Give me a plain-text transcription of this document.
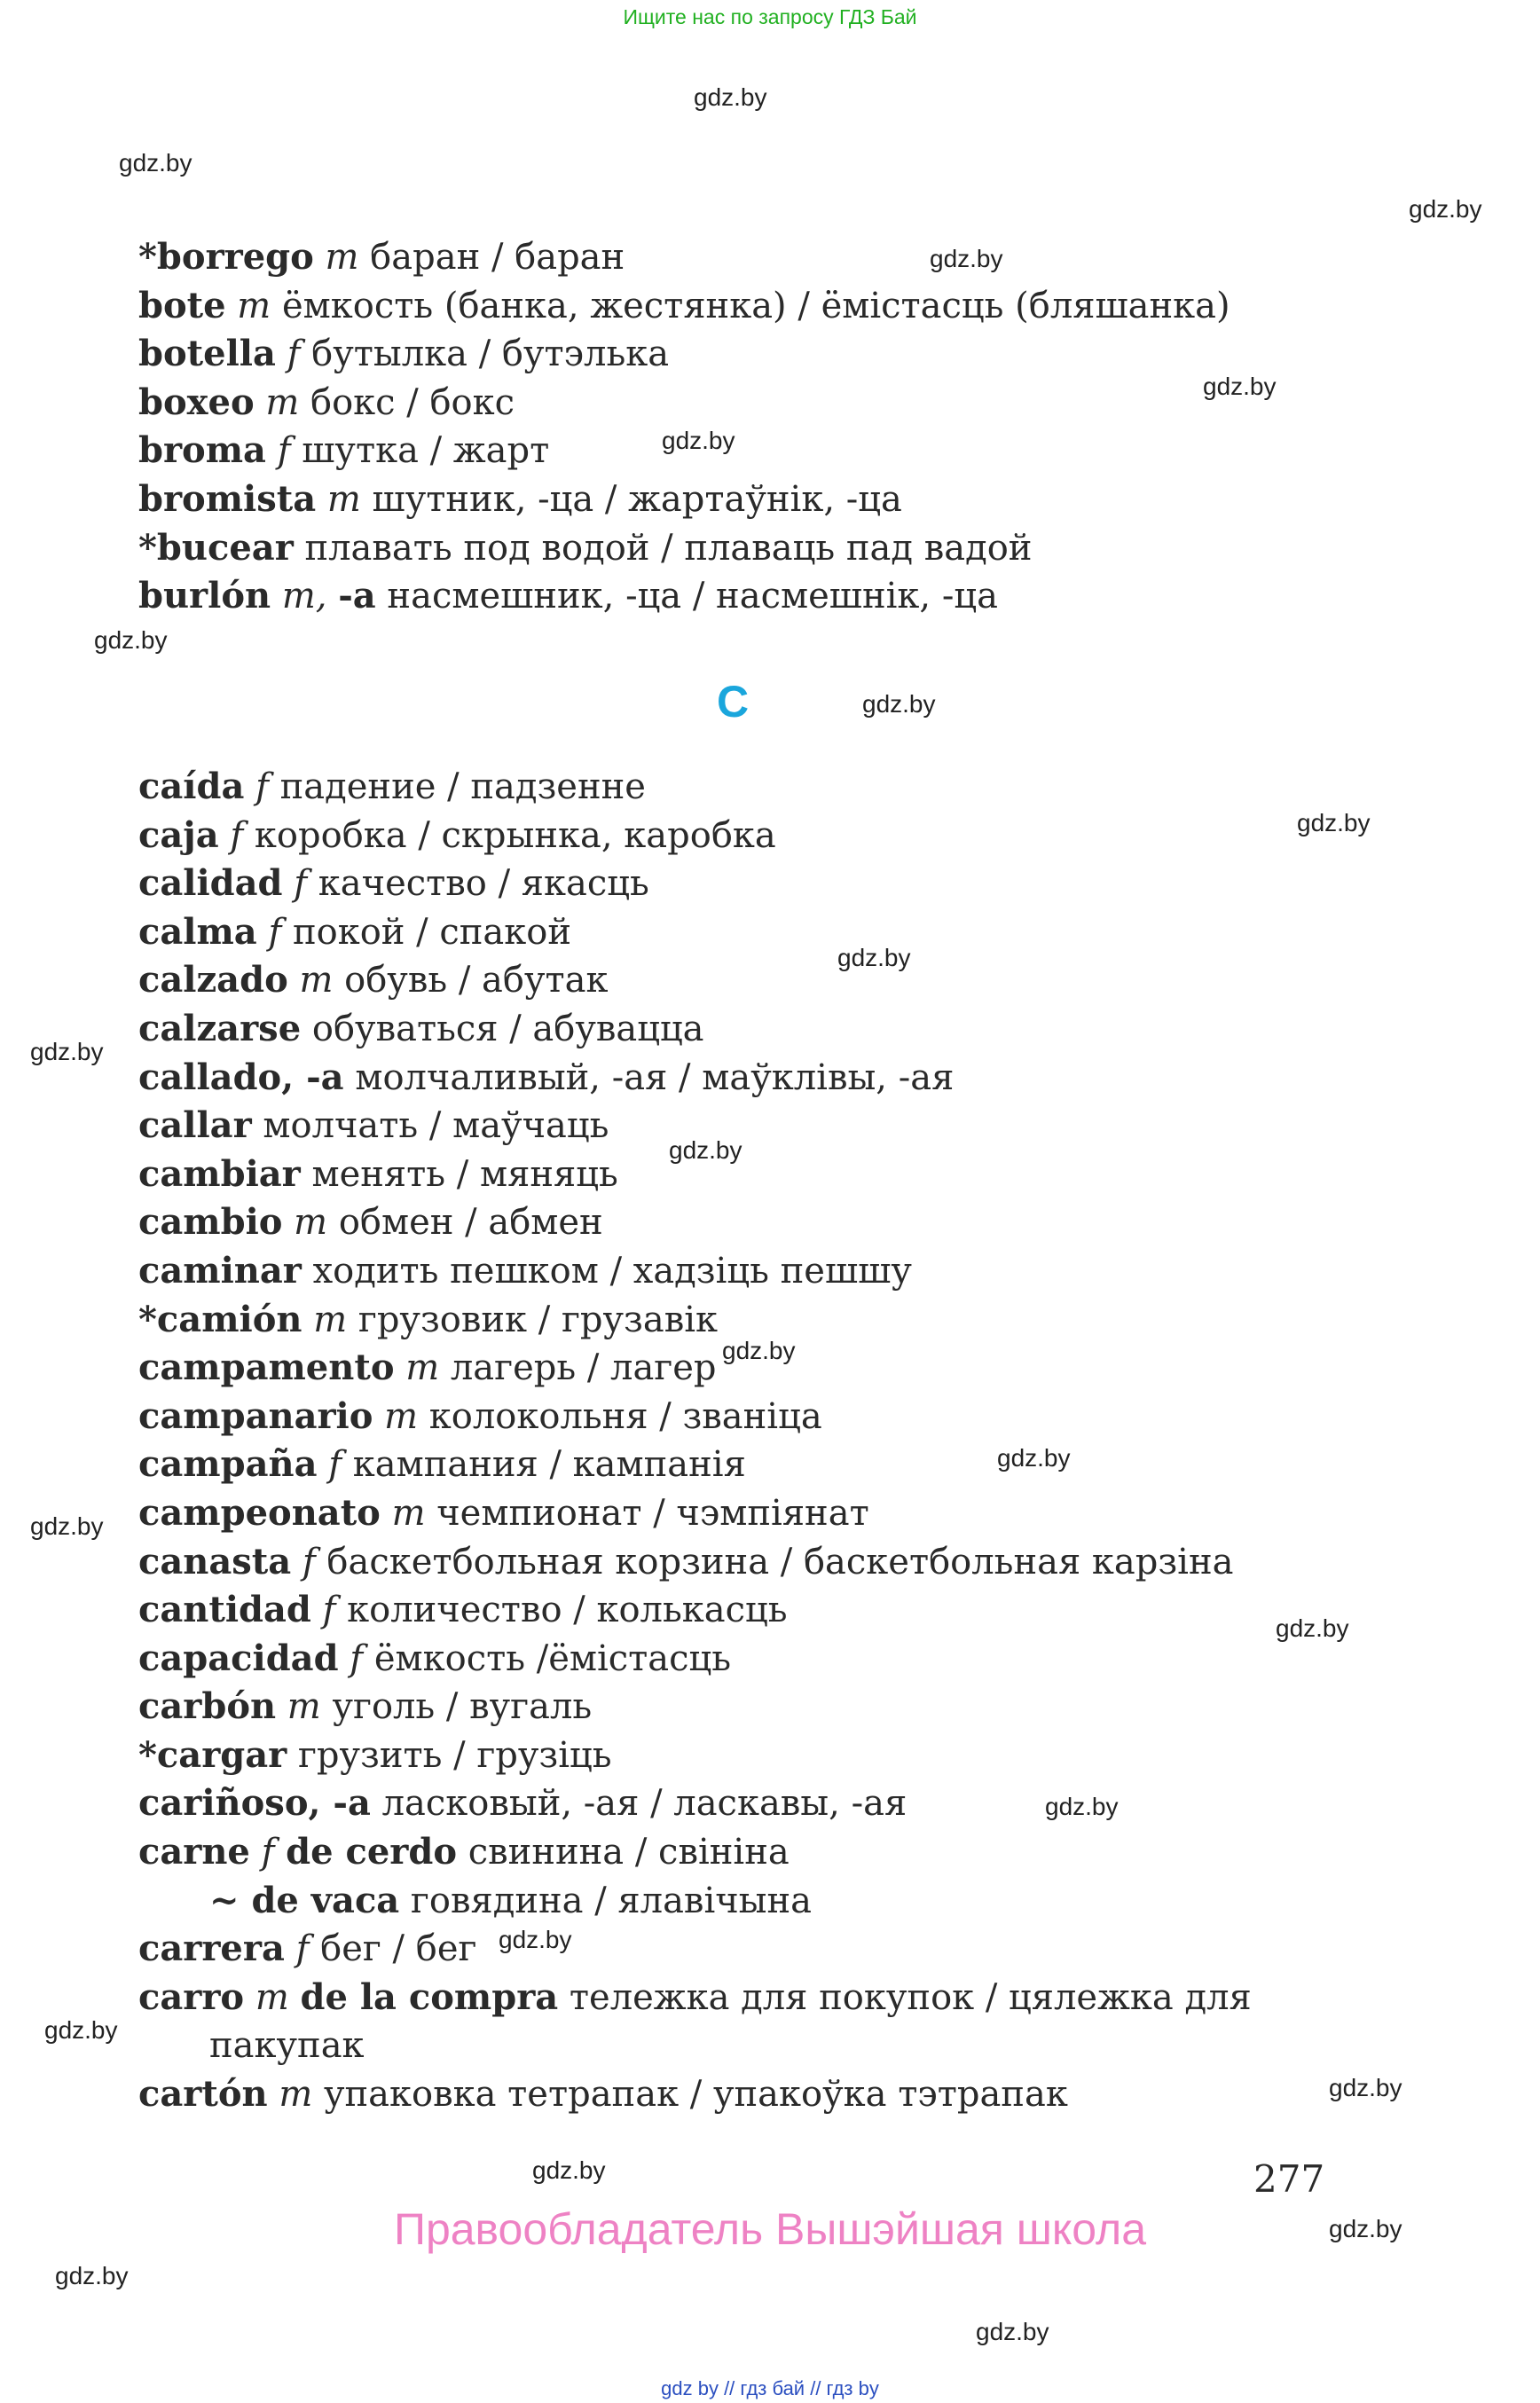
Ищите нас по запросу ГДЗ Бай
gdz.by
gdz.by
gdz.by
gdz.by
gdz.by
gdz.by
gdz.by
gdz.by
gdz.by
gdz.by
gdz.by
gdz.by
gdz.by
gdz.by
gdz.by
gdz.by
gdz.by
gdz.by
gdz.by
gdz.by
gdz.by
gdz.by
gdz.by
gdz.by
*borrego m баран / баран
bote m ёмкость (банка, жестянка) / ёмістасць (бляшанка)
botella f бутылка / бутэлька
boxeo m бокс / бокс
broma f шутка / жарт
bromista m шутник, -ца / жартаўнік, -ца
*bucear плавать под водой / плаваць пад вадой
burlón m, -a насмешник, -ца / насмешнік, -ца
C
caída f падение / падзенне
caja f коробка / скрынка, каробка
calidad f качество / якасць
calma f покой / спакой
calzado m обувь / абутак
calzarse обуваться / абувацца
callado, -a молчаливый, -ая / маўклівы, -ая
callar молчать / маўчаць
cambiar менять / мяняць
cambio m обмен / абмен
caminar ходить пешком / хадзіць пешшу
*camión m грузовик / грузавік
campamento m лагерь / лагер
campanario m колокольня / званіца
campaña f кампания / кампанія
campeonato m чемпионат / чэмпіянат
canasta f баскетбольная корзина / баскетбольная карзіна
cantidad f количество / колькасць
capacidad f ёмкость /ёмістасць
carbón m уголь / вугаль
*cargar грузить / грузіць
cariñoso, -a ласковый, -ая / ласкавы, -ая
carne f de cerdo свинина / свініна
~ de vaca говядина / ялавічына
carrera f бег / бег
carro m de la compra тележка для покупок / цялежка для
пакупак
cartón m упаковка тетрапак / упакоўка тэтрапак
277
Правообладатель Вышэйшая школа
gdz by // гдз бай // гдз by
